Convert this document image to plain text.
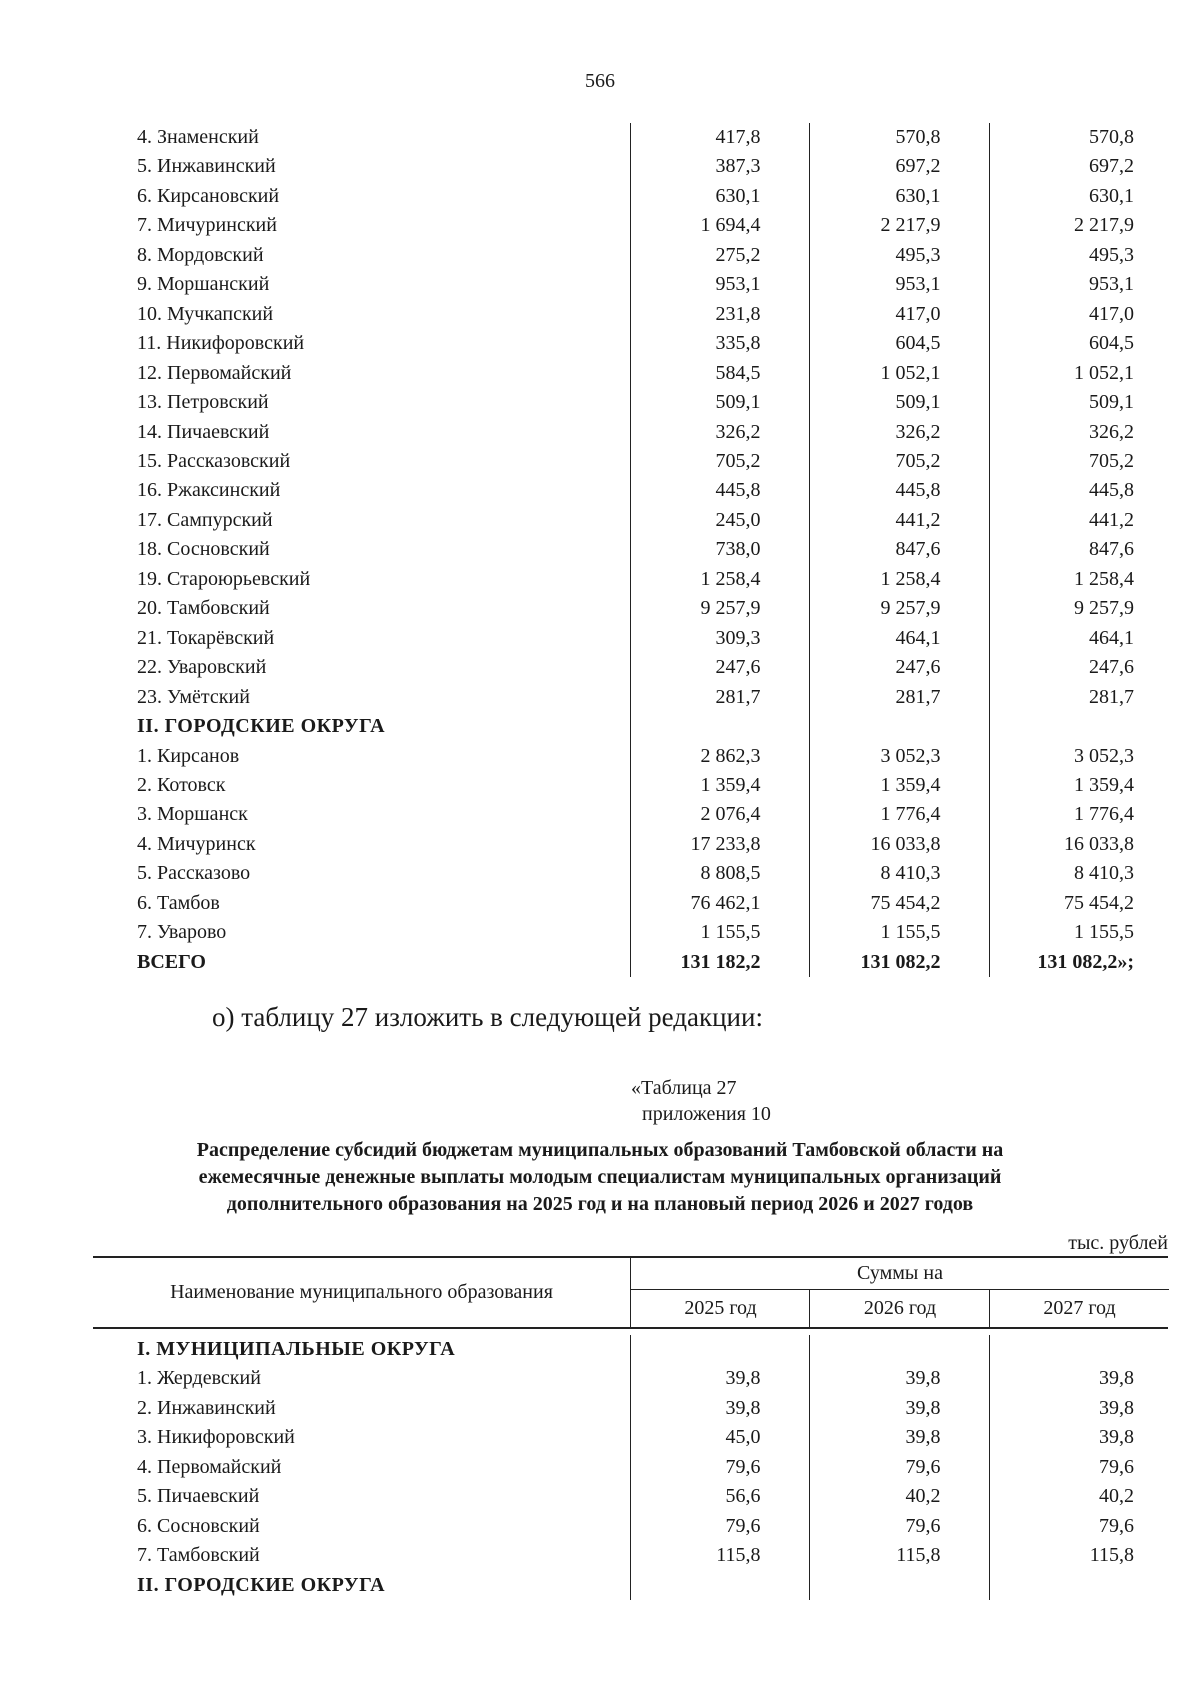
566
4. Знаменский	417,8	570,8	570,8
5. Инжавинский	387,3	697,2	697,2
6. Кирсановский	630,1	630,1	630,1
7. Мичуринский	1 694,4	2 217,9	2 217,9
8. Мордовский	275,2	495,3	495,3
9. Моршанский	953,1	953,1	953,1
10. Мучкапский	231,8	417,0	417,0
11. Никифоровский	335,8	604,5	604,5
12. Первомайский	584,5	1 052,1	1 052,1
13. Петровский	509,1	509,1	509,1
14. Пичаевский	326,2	326,2	326,2
15. Рассказовский	705,2	705,2	705,2
16. Ржаксинский	445,8	445,8	445,8
17. Сампурский	245,0	441,2	441,2
18. Сосновский	738,0	847,6	847,6
19. Староюрьевский	1 258,4	1 258,4	1 258,4
20. Тамбовский	9 257,9	9 257,9	9 257,9
21. Токарёвский	309,3	464,1	464,1
22. Уваровский	247,6	247,6	247,6
23. Умётский	281,7	281,7	281,7
II. ГОРОДСКИЕ ОКРУГА			
1. Кирсанов	2 862,3	3 052,3	3 052,3
2. Котовск	1 359,4	1 359,4	1 359,4
3. Моршанск	2 076,4	1 776,4	1 776,4
4. Мичуринск	17 233,8	16 033,8	16 033,8
5. Рассказово	8 808,5	8 410,3	8 410,3
6. Тамбов	76 462,1	75 454,2	75 454,2
7. Уварово	1 155,5	1 155,5	1 155,5
ВСЕГО	131 182,2	131 082,2	131 082,2»;
о) таблицу 27 изложить в следующей редакции:
«Таблица 27
приложения 10
Распределение субсидий бюджетам муниципальных образований Тамбовской области на
ежемесячные денежные выплаты молодым специалистам муниципальных организаций
дополнительного образования на 2025 год и на плановый период 2026 и 2027 годов
тыс. рублей
Наименование муниципального образования
Суммы на
2025 год	2026 год	2027 год
I. МУНИЦИПАЛЬНЫЕ ОКРУГА			
1. Жердевский	39,8	39,8	39,8
2. Инжавинский	39,8	39,8	39,8
3. Никифоровский	45,0	39,8	39,8
4. Первомайский	79,6	79,6	79,6
5. Пичаевский	56,6	40,2	40,2
6. Сосновский	79,6	79,6	79,6
7. Тамбовский	115,8	115,8	115,8
II. ГОРОДСКИЕ ОКРУГА			
